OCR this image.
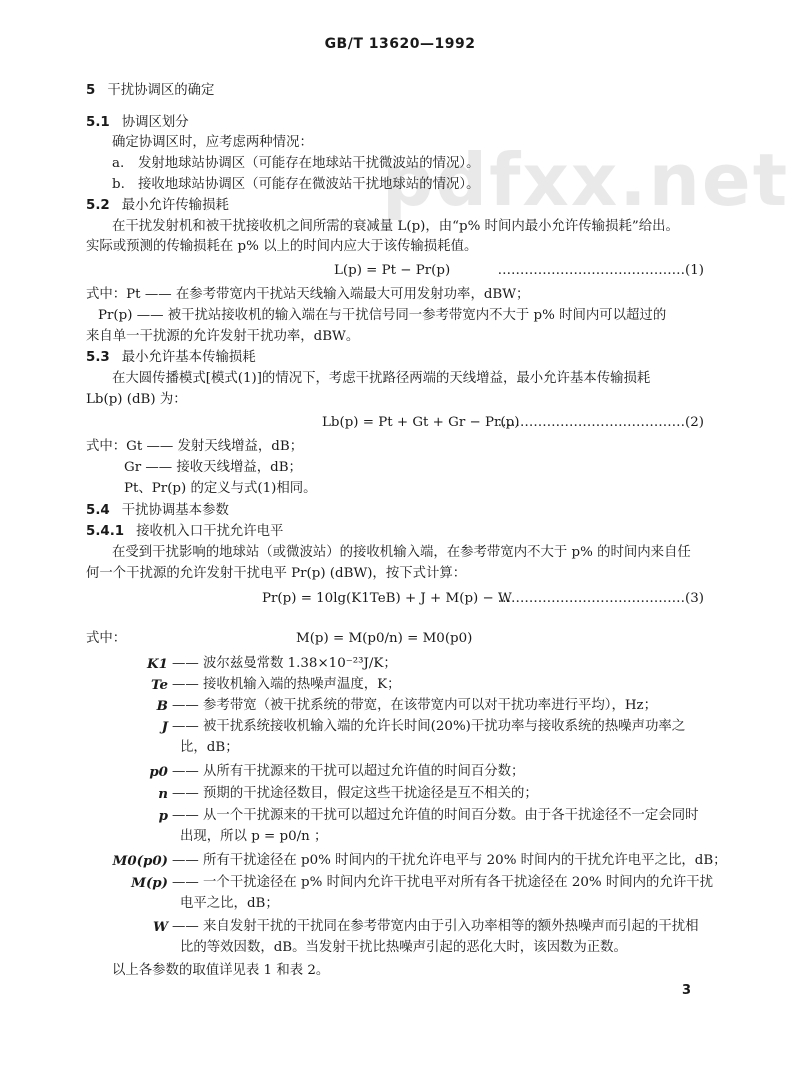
GB/T 13620—1992
pdfxx.net
5 干扰协调区的确定
5.1 协调区划分
确定协调区时，应考虑两种情况：
a. 发射地球站协调区（可能存在地球站干扰微波站的情况）。
b. 接收地球站协调区（可能存在微波站干扰地球站的情况）。
5.2 最小允许传输损耗
在干扰发射机和被干扰接收机之间所需的衰减量 L(p)，由“p% 时间内最小允许传输损耗”给出。
实际或预测的传输损耗在 p% 以上的时间内应大于该传输损耗值。
L(p) = Pt − Pr(p)	……………………………………(1)
式中：Pt —— 在参考带宽内干扰站天线输入端最大可用发射功率，dBW；
Pr(p) —— 被干扰站接收机的输入端在与干扰信号同一参考带宽内不大于 p% 时间内可以超过的
来自单一干扰源的允许发射干扰功率，dBW。
5.3 最小允许基本传输损耗
在大圆传播模式[模式(1)]的情况下，考虑干扰路径两端的天线增益，最小允许基本传输损耗
Lb(p) (dB) 为：
Lb(p) = Pt + Gt + Gr − Pr(p)
……………………………………(2)
式中：Gt —— 发射天线增益，dB；
Gr —— 接收天线增益，dB；
Pt、Pr(p) 的定义与式(1)相同。
5.4 干扰协调基本参数
5.4.1 接收机入口干扰允许电平
在受到干扰影响的地球站（或微波站）的接收机输入端，在参考带宽内不大于 p% 的时间内来自任
何一个干扰源的允许发射干扰电平 Pr(p) (dBW)，按下式计算：
Pr(p) = 10lg(K1TeB) + J + M(p) − W
……………………………………(3)
式中：	M(p) = M(p0/n) = M0(p0)
K1 —— 波尔兹曼常数 1.38×10⁻²³J/K；
Te —— 接收机输入端的热噪声温度，K；
B —— 参考带宽（被干扰系统的带宽，在该带宽内可以对干扰功率进行平均），Hz；
J —— 被干扰系统接收机输入端的允许长时间(20%)干扰功率与接收系统的热噪声功率之
比，dB；
p0 —— 从所有干扰源来的干扰可以超过允许值的时间百分数；
n —— 预期的干扰途径数目，假定这些干扰途径是互不相关的；
p —— 从一个干扰源来的干扰可以超过允许值的时间百分数。由于各干扰途径不一定会同时
出现，所以 p = p0/n ；
M0(p0) —— 所有干扰途径在 p0% 时间内的干扰允许电平与 20% 时间内的干扰允许电平之比，dB；
M(p) —— 一个干扰途径在 p% 时间内允许干扰电平对所有各干扰途径在 20% 时间内的允许干扰
电平之比，dB；
W —— 来自发射干扰的干扰同在参考带宽内由于引入功率相等的额外热噪声而引起的干扰相
比的等效因数，dB。当发射干扰比热噪声引起的恶化大时，该因数为正数。
以上各参数的取值详见表 1 和表 2。
3
